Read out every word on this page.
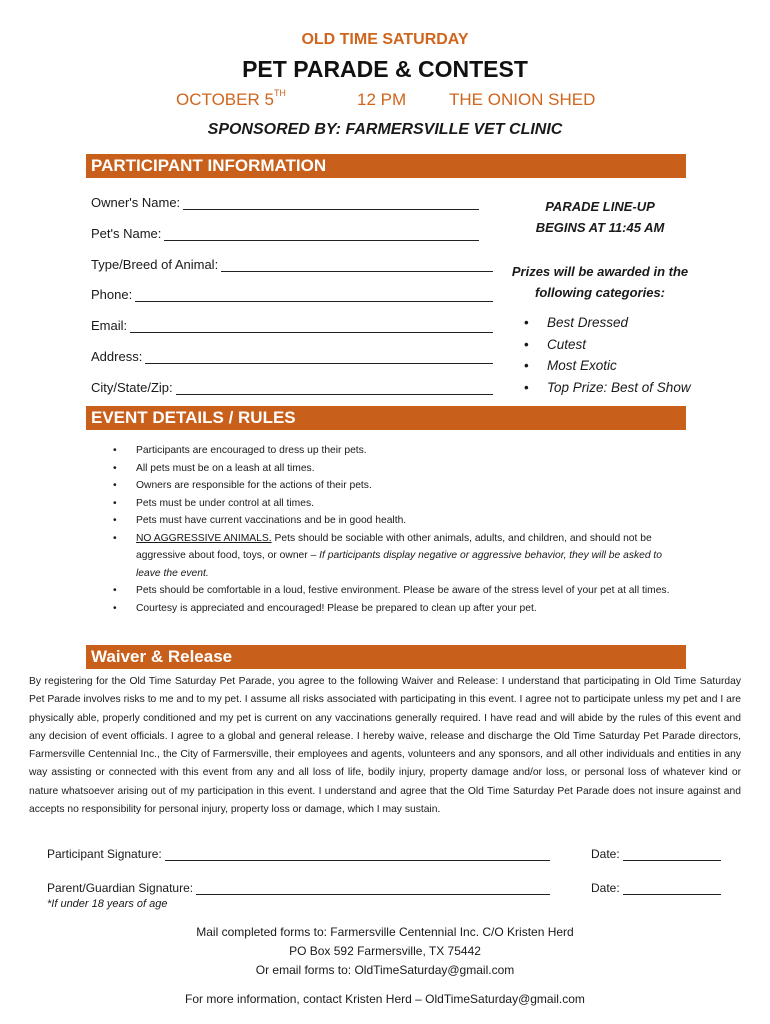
OLD TIME SATURDAY
PET PARADE & CONTEST
OCTOBER 5TH	12 PM	THE ONION SHED
SPONSORED BY: FARMERSVILLE VET CLINIC
PARTICIPANT INFORMATION
Owner's Name:
Pet's Name:
Type/Breed of Animal:
Phone:
Email:
Address:
City/State/Zip:
PARADE LINE-UP
BEGINS AT 11:45 AM
Prizes will be awarded in the
following categories:
• Best Dressed
• Cutest
• Most Exotic
• Top Prize: Best of Show
EVENT DETAILS / RULES
• Participants are encouraged to dress up their pets.
• All pets must be on a leash at all times.
• Owners are responsible for the actions of their pets.
• Pets must be under control at all times.
• Pets must have current vaccinations and be in good health.
• NO AGGRESSIVE ANIMALS. Pets should be sociable with other animals, adults, and children, and should not be aggressive about food, toys, or owner – If participants display negative or aggressive behavior, they will be asked to leave the event.
• Pets should be comfortable in a loud, festive environment. Please be aware of the stress level of your pet at all times.
• Courtesy is appreciated and encouraged! Please be prepared to clean up after your pet.
Waiver & Release

By registering for the Old Time Saturday Pet Parade, you agree to the following Waiver and Release: I understand that participating in Old Time Saturday Pet Parade involves risks to me and to my pet. I assume all risks associated with participating in this event. I agree not to participate unless my pet and I are physically able, properly conditioned and my pet is current on any vaccinations generally required. I have read and will abide by the rules of this event and any decision of event officials. I agree to a global and general release. I hereby waive, release and discharge the Old Time Saturday Pet Parade directors, Farmersville Centennial Inc., the City of Farmersville, their employees and agents, volunteers and any sponsors, and all other individuals and entities in any way assisting or connected with this event from any and all loss of life, bodily injury, property damage and/or loss, or personal loss of whatever kind or nature whatsoever arising out of my participation in this event. I understand and agree that the Old Time Saturday Pet Parade does not insure against and accepts no responsibility for personal injury, property loss or damage, which I may sustain.

Participant Signature:	Date:
Parent/Guardian Signature:	Date:
*If under 18 years of age
Mail completed forms to: Farmersville Centennial Inc. C/O Kristen Herd
PO Box 592 Farmersville, TX 75442
Or email forms to: OldTimeSaturday@gmail.com
For more information, contact Kristen Herd – OldTimeSaturday@gmail.com
